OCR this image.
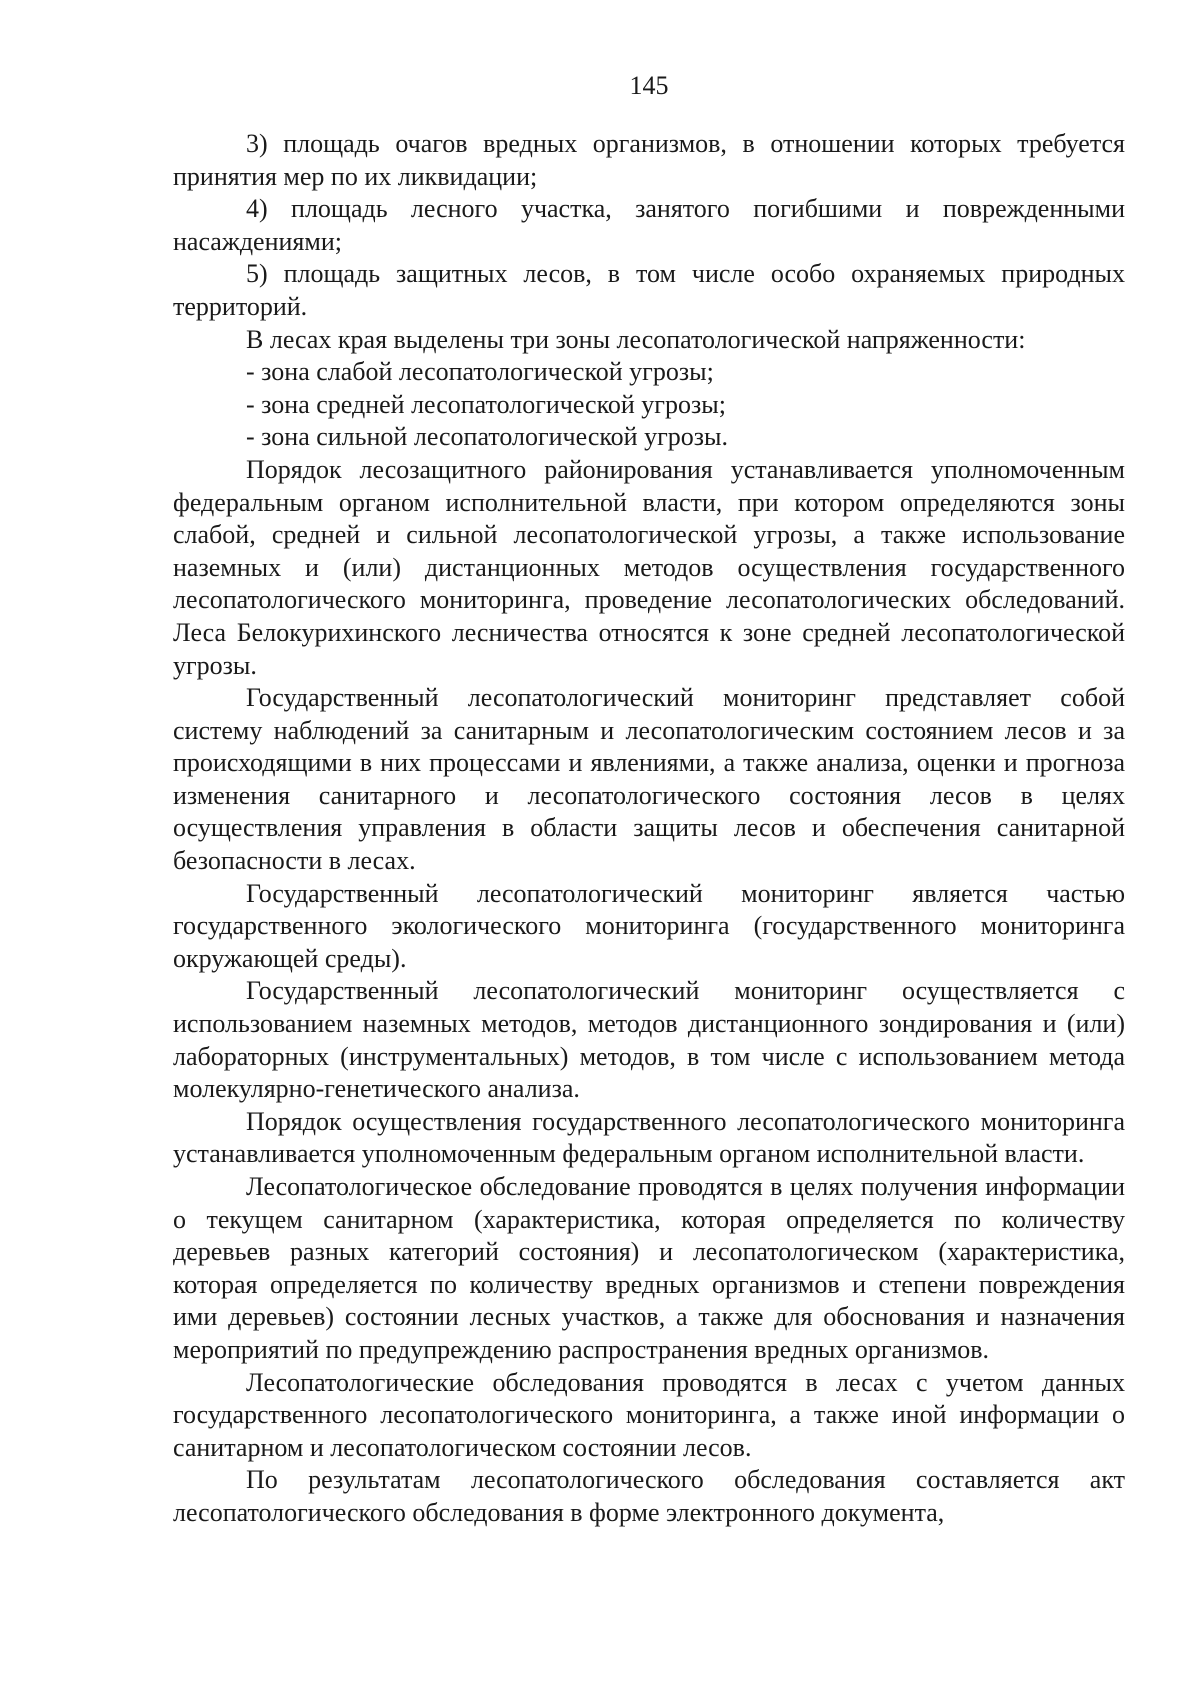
145

3) площадь очагов вредных организмов, в отношении которых требуется принятия мер по их ликвидации;

4) площадь лесного участка, занятого погибшими и поврежденными насаждениями;

5) площадь защитных лесов, в том числе особо охраняемых природных территорий.

В лесах края выделены три зоны лесопатологической напряженности:

- зона слабой лесопатологической угрозы;

- зона средней лесопатологической угрозы;

- зона сильной лесопатологической угрозы.

Порядок лесозащитного районирования устанавливается уполномоченным федеральным органом исполнительной власти, при котором определяются зоны слабой, средней и сильной лесопатологической угрозы, а также использование наземных и (или) дистанционных методов осуществления государственного лесопатологического мониторинга, проведение лесопатологических обследований. Леса Белокурихинского лесничества относятся к зоне средней лесопатологической угрозы.

Государственный лесопатологический мониторинг представляет собой систему наблюдений за санитарным и лесопатологическим состоянием лесов и за происходящими в них процессами и явлениями, а также анализа, оценки и прогноза изменения санитарного и лесопатологического состояния лесов в целях осуществления управления в области защиты лесов и обеспечения санитарной безопасности в лесах.

Государственный лесопатологический мониторинг является частью государственного экологического мониторинга (государственного мониторинга окружающей среды).

Государственный лесопатологический мониторинг осуществляется с использованием наземных методов, методов дистанционного зондирования и (или) лабораторных (инструментальных) методов, в том числе с использованием метода молекулярно-генетического анализа.

Порядок осуществления государственного лесопатологического мониторинга устанавливается уполномоченным федеральным органом исполнительной власти.

Лесопатологическое обследование проводятся в целях получения информации о текущем санитарном (характеристика, которая определяется по количеству деревьев разных категорий состояния) и лесопатологическом (характеристика, которая определяется по количеству вредных организмов и степени повреждения ими деревьев) состоянии лесных участков, а также для обоснования и назначения мероприятий по предупреждению распространения вредных организмов.

Лесопатологические обследования проводятся в лесах с учетом данных государственного лесопатологического мониторинга, а также иной информации о санитарном и лесопатологическом состоянии лесов.

По результатам лесопатологического обследования составляется акт лесопатологического обследования в форме электронного документа,
